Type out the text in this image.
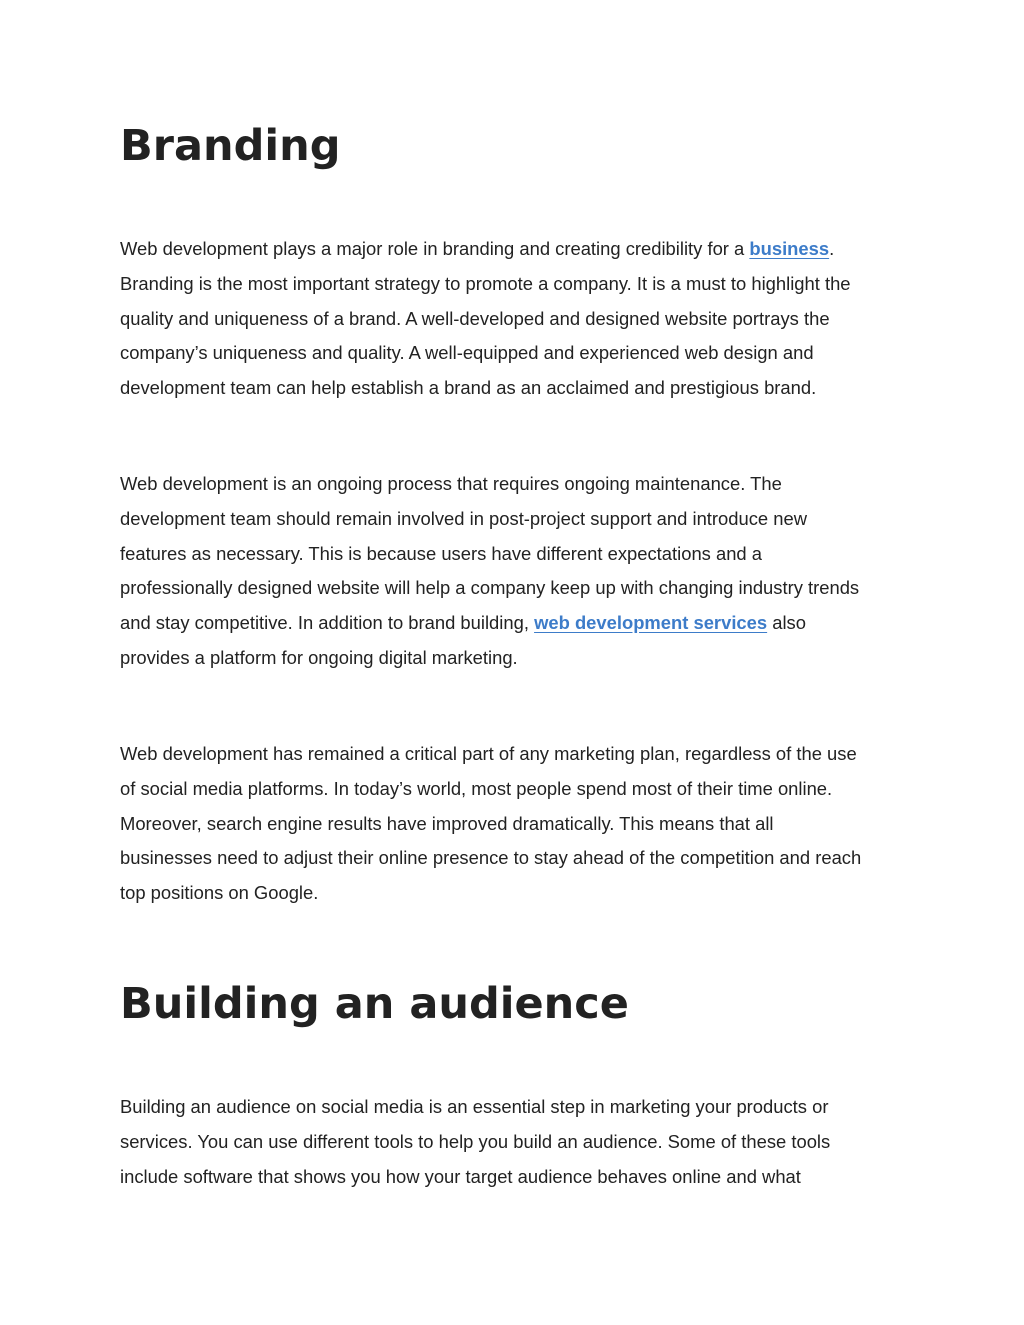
Branding

Web development plays a major role in branding and creating credibility for a business.
Branding is the most important strategy to promote a company. It is a must to highlight the
quality and uniqueness of a brand. A well-developed and designed website portrays the
company’s uniqueness and quality. A well-equipped and experienced web design and
development team can help establish a brand as an acclaimed and prestigious brand.

Web development is an ongoing process that requires ongoing maintenance. The
development team should remain involved in post-project support and introduce new
features as necessary. This is because users have different expectations and a
professionally designed website will help a company keep up with changing industry trends
and stay competitive. In addition to brand building, web development services also
provides a platform for ongoing digital marketing.

Web development has remained a critical part of any marketing plan, regardless of the use
of social media platforms. In today’s world, most people spend most of their time online.
Moreover, search engine results have improved dramatically. This means that all
businesses need to adjust their online presence to stay ahead of the competition and reach
top positions on Google.

Building an audience

Building an audience on social media is an essential step in marketing your products or
services. You can use different tools to help you build an audience. Some of these tools
include software that shows you how your target audience behaves online and what
